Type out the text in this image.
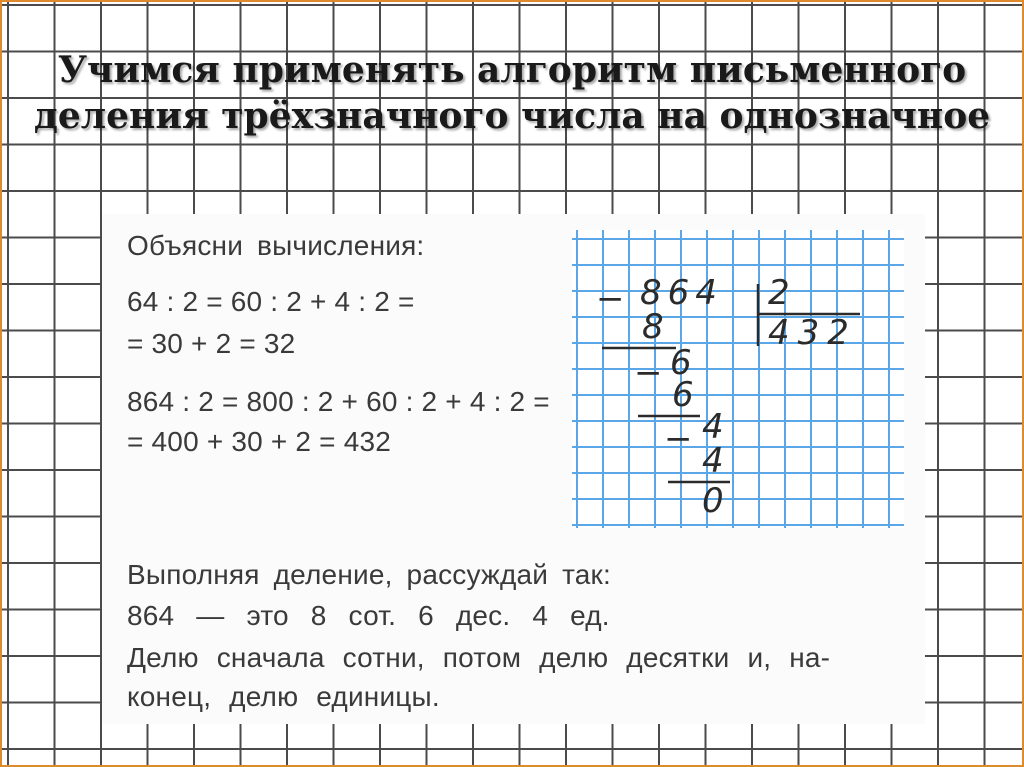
Учимся применять алгоритм письменного деления трёхзначного числа на однозначное

Объясни вычисления:

64 : 2 = 60 : 2 + 4 : 2 =

= 30 + 2 = 32

864 : 2 = 800 : 2 + 60 : 2 + 4 : 2 =

= 400 + 30 + 2 = 432

−
−
−
864 2
432
8
6
6
4
4
0

Выполняя деление, рассуждай так:

864 — это 8 сот. 6 дес. 4 ед.

Делю сначала сотни, потом делю десятки и, на-

конец, делю единицы.
